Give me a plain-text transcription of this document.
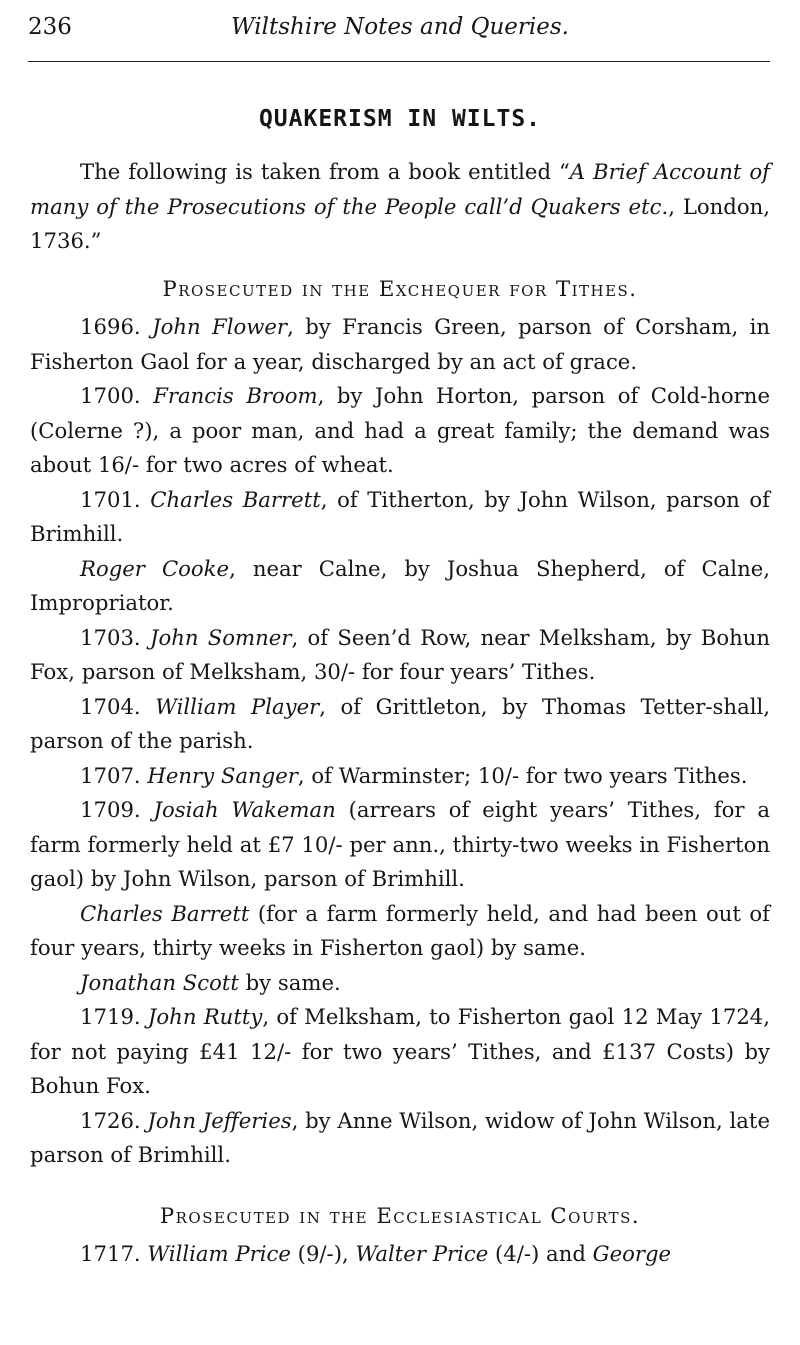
236	Wiltshire Notes and Queries.
QUAKERISM IN WILTS.

The following is taken from a book entitled “A Brief Account of many of the Prosecutions of the People call’d Quakers etc., London, 1736.”

Prosecuted in the Exchequer for Tithes.

1696. John Flower, by Francis Green, parson of Corsham, in Fisherton Gaol for a year, discharged by an act of grace.

1700. Francis Broom, by John Horton, parson of Cold-horne (Colerne ?), a poor man, and had a great family; the demand was about 16/- for two acres of wheat.

1701. Charles Barrett, of Titherton, by John Wilson, parson of Brimhill.

Roger Cooke, near Calne, by Joshua Shepherd, of Calne, Impropriator.

1703. John Somner, of Seen’d Row, near Melksham, by Bohun Fox, parson of Melksham, 30/- for four years’ Tithes.

1704. William Player, of Grittleton, by Thomas Tetter-shall, parson of the parish.

1707. Henry Sanger, of Warminster; 10/- for two years Tithes.

1709. Josiah Wakeman (arrears of eight years’ Tithes, for a farm formerly held at £7 10/- per ann., thirty-two weeks in Fisherton gaol) by John Wilson, parson of Brimhill.

Charles Barrett (for a farm formerly held, and had been out of four years, thirty weeks in Fisherton gaol) by same.

Jonathan Scott by same.

1719. John Rutty, of Melksham, to Fisherton gaol 12 May 1724, for not paying £41 12/- for two years’ Tithes, and £137 Costs) by Bohun Fox.

1726. John Jefferies, by Anne Wilson, widow of John Wilson, late parson of Brimhill.

Prosecuted in the Ecclesiastical Courts.

1717. William Price (9/-), Walter Price (4/-) and George
